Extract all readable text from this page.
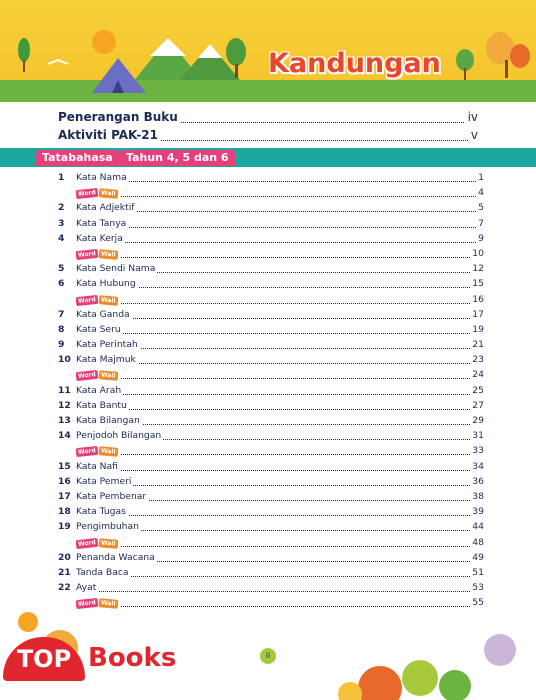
Kandungan
Penerangan Buku	iv
Aktiviti PAK-21	v
Tatabahasa	Tahun 4, 5 dan 6
1	Kata Nama	1
Word Wall	4
2	Kata Adjektif	5
3	Kata Tanya	7
4	Kata Kerja	9
Word Wall	10
5	Kata Sendi Nama	12
6	Kata Hubung	15
Word Wall	16
7	Kata Ganda	17
8	Kata Seru	19
9	Kata Perintah	21
10 Kata Majmuk	23
Word Wall	24
11 Kata Arah	25
12 Kata Bantu	27
13 Kata Bilangan	29
14 Penjodoh Bilangan	31
Word Wall	33
15 Kata Nafi	34
16 Kata Pemeri	36
17 Kata Pembenar	38
18 Kata Tugas	39
19 Pengimbuhan	44
Word Wall	48
20 Penanda Wacana	49
21 Tanda Baca	51
22 Ayat	53
Word Wall	55
ii
TOP Books
